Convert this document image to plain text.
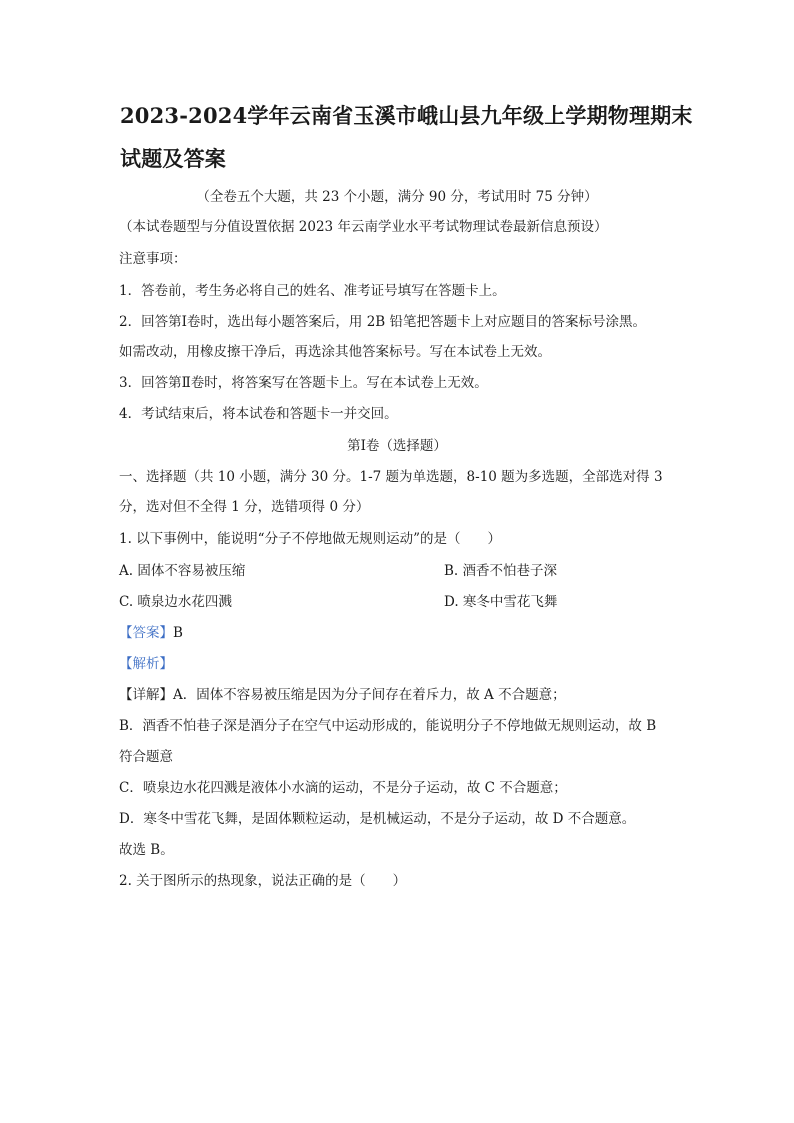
2023-2024学年云南省玉溪市峨山县九年级上学期物理期末
试题及答案
（全卷五个大题，共 23 个小题，满分 90 分，考试用时 75 分钟）
（本试卷题型与分值设置依据 2023 年云南学业水平考试物理试卷最新信息预设）
注意事项：
1．答卷前，考生务必将自己的姓名、准考证号填写在答题卡上。
2．回答第Ⅰ卷时，选出每小题答案后，用 2B 铅笔把答题卡上对应题目的答案标号涂黑。
如需改动，用橡皮擦干净后，再选涂其他答案标号。写在本试卷上无效。
3．回答第Ⅱ卷时，将答案写在答题卡上。写在本试卷上无效。
4．考试结束后，将本试卷和答题卡一并交回。
第Ⅰ卷（选择题）
一、选择题（共 10 小题，满分 30 分。1-7 题为单选题，8-10 题为多选题，全部选对得 3
分，选对但不全得 1 分，选错项得 0 分）
1. 以下事例中，能说明“分子不停地做无规则运动”的是（　　）
A. 固体不容易被压缩	B. 酒香不怕巷子深
C. 喷泉边水花四溅	D. 寒冬中雪花飞舞
【答案】B
【解析】
【详解】A．固体不容易被压缩是因为分子间存在着斥力，故 A 不合题意；
B．酒香不怕巷子深是酒分子在空气中运动形成的，能说明分子不停地做无规则运动，故 B
符合题意
C．喷泉边水花四溅是液体小水滴的运动，不是分子运动，故 C 不合题意；
D．寒冬中雪花飞舞，是固体颗粒运动，是机械运动，不是分子运动，故 D 不合题意。
故选 B。
2. 关于图所示的热现象，说法正确的是（　　）
